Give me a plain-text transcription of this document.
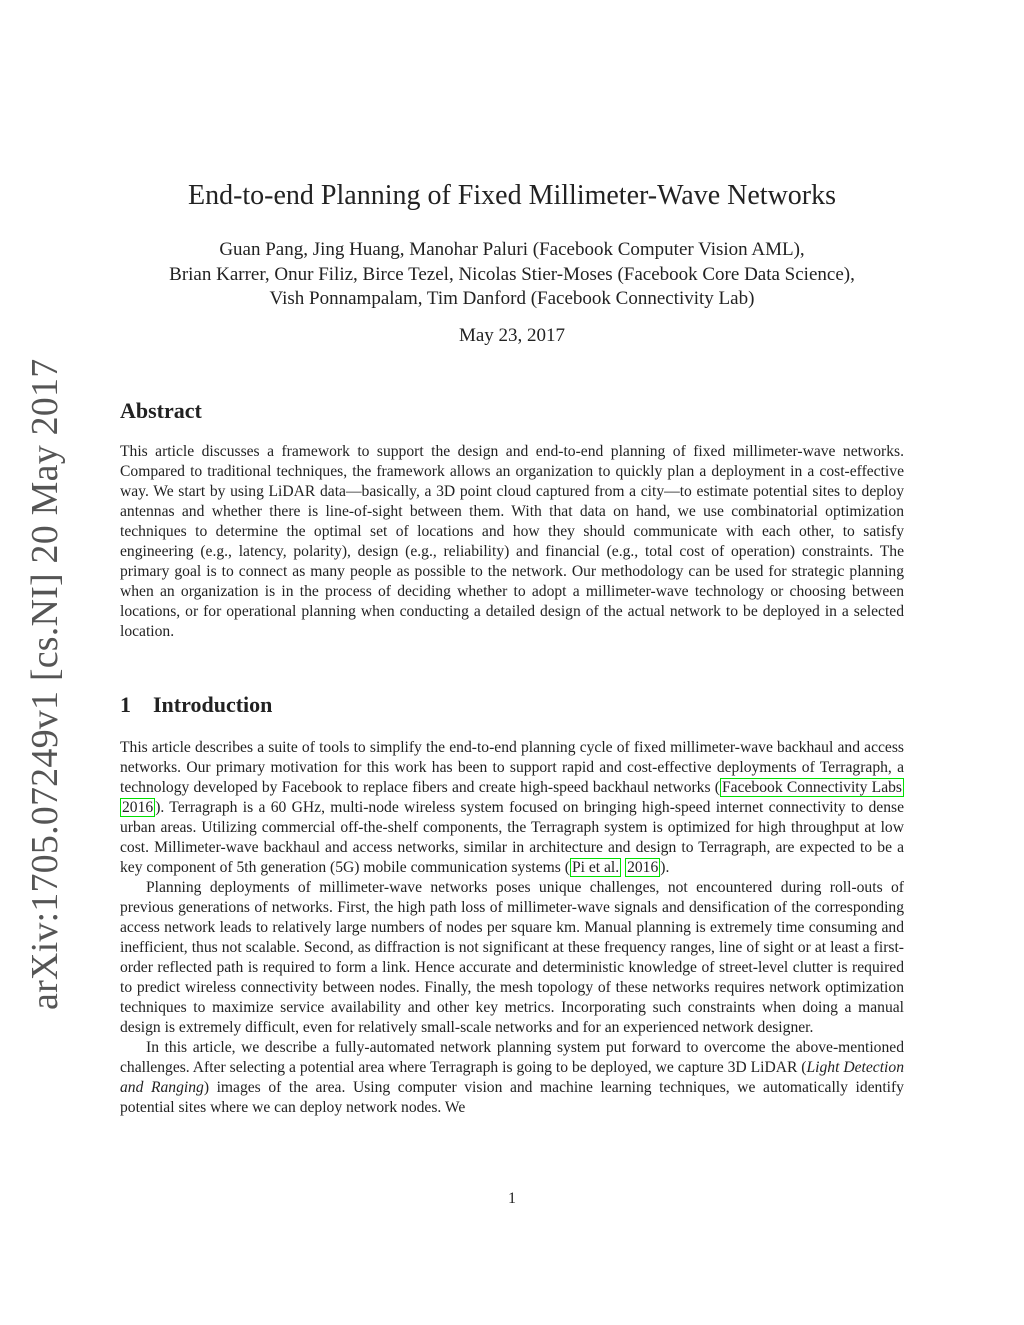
arXiv:1705.07249v1 [cs.NI] 20 May 2017
End-to-end Planning of Fixed Millimeter-Wave Networks
Guan Pang, Jing Huang, Manohar Paluri (Facebook Computer Vision AML),
Brian Karrer, Onur Filiz, Birce Tezel, Nicolas Stier-Moses (Facebook Core Data Science),
Vish Ponnampalam, Tim Danford (Facebook Connectivity Lab)
May 23, 2017
Abstract
This article discusses a framework to support the design and end-to-end planning of fixed millimeter-wave networks. Compared to traditional techniques, the framework allows an organization to quickly plan a deployment in a cost-effective way. We start by using LiDAR data—basically, a 3D point cloud captured from a city—to estimate potential sites to deploy antennas and whether there is line-of-sight between them. With that data on hand, we use combinatorial optimization techniques to determine the optimal set of locations and how they should communicate with each other, to satisfy engineering (e.g., latency, polarity), design (e.g., reliability) and financial (e.g., total cost of operation) constraints. The primary goal is to connect as many people as possible to the network. Our methodology can be used for strategic planning when an organization is in the process of deciding whether to adopt a millimeter-wave technology or choosing between locations, or for operational planning when conducting a detailed design of the actual network to be deployed in a selected location.
1 Introduction

This article describes a suite of tools to simplify the end-to-end planning cycle of fixed millimeter-wave backhaul and access networks. Our primary motivation for this work has been to support rapid and cost-effective deployments of Terragraph, a technology developed by Facebook to replace fibers and create high-speed backhaul networks ( Facebook Connectivity Labs 2016 ). Terragraph is a 60 GHz, multi-node wireless system focused on bringing high-speed internet connectivity to dense urban areas. Utilizing commercial off-the-shelf components, the Terragraph system is optimized for high throughput at low cost. Millimeter-wave backhaul and access networks, similar in architecture and design to Terragraph, are expected to be a key component of 5th generation (5G) mobile communication systems ( Pi et al. 2016 ).

Planning deployments of millimeter-wave networks poses unique challenges, not encountered during roll-outs of previous generations of networks. First, the high path loss of millimeter-wave signals and densification of the corresponding access network leads to relatively large numbers of nodes per square km. Manual planning is extremely time consuming and inefficient, thus not scalable. Second, as diffraction is not significant at these frequency ranges, line of sight or at least a first-order reflected path is required to form a link. Hence accurate and deterministic knowledge of street-level clutter is required to predict wireless connectivity between nodes. Finally, the mesh topology of these networks requires network optimization techniques to maximize service availability and other key metrics. Incorporating such constraints when doing a manual design is extremely difficult, even for relatively small-scale networks and for an experienced network designer.

In this article, we describe a fully-automated network planning system put forward to overcome the above-mentioned challenges. After selecting a potential area where Terragraph is going to be deployed, we capture 3D LiDAR (Light Detection and Ranging) images of the area. Using computer vision and machine learning techniques, we automatically identify potential sites where we can deploy network nodes. We

1
